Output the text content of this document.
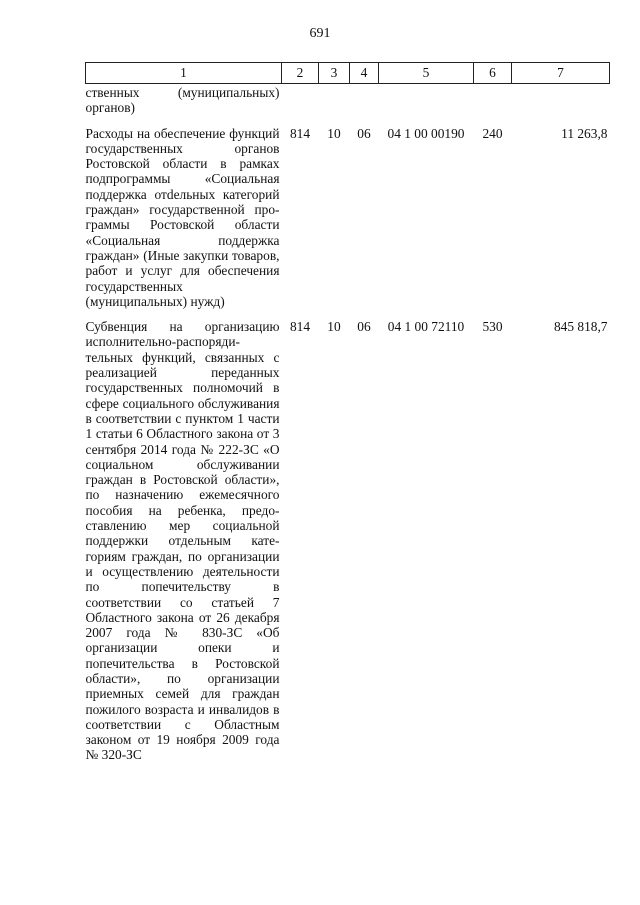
691
1	2	3	4	5	6	7
ственных (муниципальных) органов)						
Расходы на обеспечение функций государственных органов Ростовской области в рамках подпрограммы «Социальная поддержка отdельных категорий граждан» государственной программы Ростовской области «Социальная поддержка граждан» (Иные закупки товаров, работ и услуг для обеспечения государственных (муниципальных) нужд)	814	10	06	04 1 00 00190	240	11 263,8
Субвенция на организацию исполнительно-распорядительных функций, связанных с реализацией переданных государственных полномочий в сфере социального обслуживания в соответствии с пунктом 1 части 1 статьи 6 Областного закона от 3 сентября 2014 года № 222-ЗС «О социальном обслуживании граждан в Ростовской области», по назначению ежемесячного пособия на ребенка, предоставлению мер социальной поддержки отдельным категориям граждан, по организации и осуществлению деятельности по попечительству в соответствии со статьей 7 Областного закона от 26 декабря 2007 года № 830-ЗС «Об организации опеки и попечительства в Ростовской области», по организации приемных семей для граждан пожилого возраста и инвалидов в соответствии с Областным законом от 19 ноября 2009 года № 320-ЗС	814	10	06	04 1 00 72110	530	845 818,7
